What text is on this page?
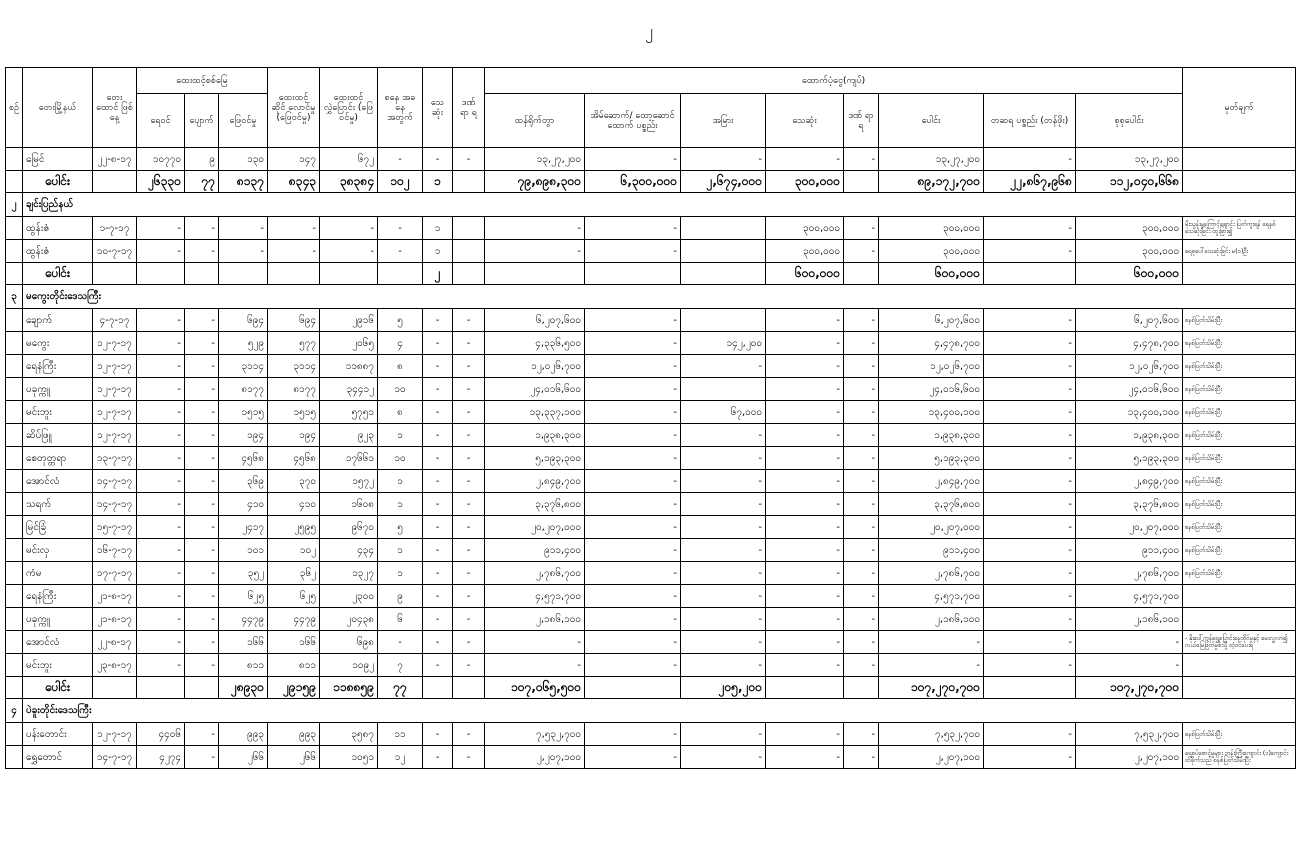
၂
စဉ်	တေးမြို့နယ်	တေး ထောင် ဖြစ်နေ့	ထေးထင့်စစ်မြေ			ထေးထင့် ဆိုင် လောင်မှု (ဖြေဝင်မှု)	ထေးထင့် လွှဲပြောင်း (ဖြေဝင်မှု)	စနေ အခနေ အတွက်	သေ ဆုံး	ဒဏ် ရာ ရ	ထောက်ပံ့ငွေ(ကျပ်)								မှတ်ချက်
			ရေဝင်	ပျောက်	ဖြေဝင်မှု						ထန်ရိုက်တွာ	အိမ်ဆောက်/ ထော့ဆောင်ထောက် ပစ္စည်း	အမြား	သေဆုံး	ဒဏ် ရာ ရ	ပေါင်း	တဆရ ပစ္စည်း (တန်ဖိုး)	စုစုပေါင်း	
	မြေင်	၂၂-၈-၁၇	၁၀၇၇၀	၉	၁၃၀	၁၄၇	၆၇၂	-	-	-	၁၃,၂၇,၂၀၀	-	-	-	-	၁၃,၂၇,၂၀၀	-	၁၃,၂၇,၂၀၀	
	ပေါင်း		၂၆၃၃၀	၇၇	၈၁၃၇	၈၃၄၃	၃၈၃၈၄	၁၀၂	၁		၇၉,၈၉၈,၃၀၀	၆,၃၀၀,၀၀၀	၂,၆၇၄,၀၀၀	၃၀၀,၀၀၀		၈၉,၁၇၂,၇၀၀	၂၂,၈၆၇,၉၆၈	၁၁၂,၀၄၀,၆၆၈	
၂	ချင်းပြည်နယ်																		
	ထွန်းဇံ	၁-၇-၁၇	-	-	-	-	-	-	၁		-	-		၃၀၀,၀၀၀	-	၃၀၀,၀၀၀	-	၃၀၀,၀၀၀	မိုးသွန်းမှုကြောင့်ချောင်း ပြတ်ကူးရန် ရေနစ် သေဆုံးခြင်း ထူးခြား၍
	ထွန်းဇံ	၁၀-၇-၁၇	-	-	-	-	-	-	၁		-	-		၃၀၀,၀၀၀	-	၃၀၀,၀၀၀	-	၃၀၀,၀၀၀	ရေစုပေါ်သေဆုံးခြင်း မ(၁)ဦး
	ပေါင်း								၂					၆၀၀,၀၀၀		၆၀၀,၀၀၀		၆၀၀,၀၀၀	
၃	မကွေးတိုင်းဒေသကြီး																		
	ချောက်	၄-၇-၁၇	-	-	၆၉၄	၆၉၄	၂၉၁၆	၅	-	-	၆,၂၀၇,၆၀၀	-		-	-	၆,၂၀၇,၆၀၀	-	၆,၂၀၇,၆၀၀	စနစ်ပြတ်သိမ်းပြီး
	မကွေး	၁၂-၇-၁၇	-	-	၅၂၉	၅၇၇	၂၀၆၅	၄	-	-	၄,၃၃၆,၅၀၀	-	၁၄၂,၂၀၀	-	-	၄,၄၇၈,၇၀၀	-	၄,၄၇၈,၇၀၀	စနစ်ပြတ်သိမ်းပြီး
	ရေနံကြီး	၁၂-၇-၁၇	-	-	၃၁၁၄	၃၁၁၄	၁၁၈၈၇	၈	-	-	၁၂,၀၂၆,၇၀၀	-	-	-	-	၁၂,၀၂၆,၇၀၀	-	၁၂,၀၂၆,၇၀၀	စနစ်ပြတ်သိမ်းပြီး
	ပခုက္ကူ	၁၂-၇-၁၇	-	-	၈၁၇၇	၈၁၇၇	၃၄၄၁၂	၁၀	-	-	၂၄,၀၁၆,၆၀၀	-		-	-	၂၄,၀၁၆,၆၀၀	-	၂၄,၀၁၆,၆၀၀	စနစ်ပြတ်သိမ်းပြီး
	မင်းဘူး	၁၂-၇-၁၇	-	-	၁၅၁၅	၁၅၁၅	၅၇၅၁	၈	-	-	၁၃,၃၃၇,၁၀၀	-	၆၇,၀၀၀	-	-	၁၃,၄၀၀,၁၀၀	-	၁၃,၄၀၀,၁၀၀	စနစ်ပြတ်သိမ်းပြီး
	ဆိပ်ဖြူ	၁၂-၇-၁၇	-	-	၁၉၄	၁၉၄	၉၂၃	၁	-	-	၁,၉၃၈,၃၀၀	-	-	-	-	၁,၉၃၈,၃၀၀	-	၁,၉၃၈,၃၀၀	စနစ်ပြတ်သိမ်းပြီး
	စေတုတ္တရာ	၁၃-၇-၁၇	-	-	၄၅၆၈	၄၅၆၈	၁၇၆၆၁	၁၀	-	-	၅,၁၉၃,၃၀၀	-	-	-	-	၅,၁၉၃,၃၀၀	-	၅,၁၉၃,၃၀၀	စနစ်ပြတ်သိမ်းပြီး
	အောင်လံ	၁၄-၇-၁၇	-	-	၃၆၉	၃၇၀	၁၅၇၂	၁	-	-	၂,၈၄၉,၇၀၀	-	-	-	-	၂,၈၄၉,၇၀၀	-	၂,၈၄၉,၇၀၀	စနစ်ပြတ်သိမ်းပြီး
	သရက်	၁၄-၇-၁၇	-	-	၄၁၀	၄၁၀	၁၆၀၈	၁	-	-	၃,၃၇၆,၈၀၀	-	-	-	-	၃,၃၇၆,၈၀၀	-	၃,၃၇၆,၈၀၀	စနစ်ပြတ်သိမ်းပြီး
	မြင်ခြံ	၁၅-၇-၁၇	-	-	၂၄၁၇	၂၅၉၅	၉၆၇၀	၅	-	-	၂၀,၂၀၇,၀၀၀	-	-	-	-	၂၀,၂၀၇,၀၀၀	-	၂၀,၂၀၇,၀၀၀	စနစ်ပြတ်သိမ်းပြီး
	မင်းလှ	၁၆-၇-၁၇	-	-	၁၀၁	၁၀၂	၄၃၄	၁	-	-	၉၁၁,၄၀၀	-	-	-	-	၉၁၁,၄၀၀	-	၉၁၁,၄၀၀	စနစ်ပြတ်သိမ်းပြီး
	ကံမ	၁၇-၇-၁၇	-	-	၃၅၂	၃၆၂	၁၃၂၇	၁	-	-	၂,၇၈၆,၇၀၀	-	-	-	-	၂,၇၈၆,၇၀၀	-	၂,၇၈၆,၇၀၀	စနစ်ပြတ်သိမ်းပြီး
	ရေနံကြီး	၂၁-၈-၁၇	-	-	၆၂၅	၆၂၅	၂၃၀၀	၉	-	-	၄,၅၇၁,၇၀၀	-	-	-	-	၄,၅၇၁,၇၀၀	-	၄,၅၇၁,၇၀၀	
	ပခုက္ကူ	၂၁-၈-၁၇	-	-	၄၄၇၉	၄၄၇၉	၂၀၄၃၈	၆	-	-	၂,၁၈၆,၁၀၀	-	-	-	-	၂,၁၈၆,၁၀၀	-	၂,၁၈၆,၁၀၀	
	အောင်လံ	၂၂-၈-၁၇	-	-	၁၆၆	၁၆၆	၆၉၈	-	-	-	-	-	-	-	-	-	-	-	- နိုးပေါ်ကုန်ရွှေ့ပြောင်းနေထိုင်မှုနှင့် မေးလှူလာ၍ လယ်မြေဖြတ်မှုစံသို့ ထံ့ဝင်ပေးရ
	မင်းဘူး	၂၃-၈-၁၇	-	-	၈၁၁	၈၁၁	၁၀၉၂	၇	-	-	-	-	-	-	-	-	-	-	
	ပေါင်း				၂၈၉၃၀	၂၉၁၅၉	၁၁၈၈၅၉	၇၇			၁၀၇,၀၆၅,၅၀၀		၂၀၅,၂၀၀			၁၀၇,၂၇၀,၇၀၀		၁၀၇,၂၇၀,၇၀၀	
၄	ပဲခူးတိုင်းဒေသကြီး																		
	ပန်းတောင်း	၁၂-၇-၁၇	၄၄၀၆	-	၉၉၃	၉၉၃	၃၅၈၇	၁၁	-	-	၇,၅၃၂,၇၀၀	-	-	-	-	၇,၅၃၂,၇၀၀	-	၇,၅၃၂,၇၀၀	စနစ်ပြတ်သိမ်းပြီး
	ရွှေတောင်	၁၄-၇-၁၇	၄၂၇၄	-	၂၆၆	၂၆၆	၁၀၅၁	၁၂	-	-	၂,၂၀၇,၁၀၀	-	-	-	-	၂,၂၀၇,၁၀၀	-	၂,၂၀၇,၁၀၀	ရေစပ်စောင့်မှုများ ဘုန်းကြီးကျောင်း (၁)ကျောင်းထိခိုက်သည် စနစ်ပြတ်သိမ်းပြီး
